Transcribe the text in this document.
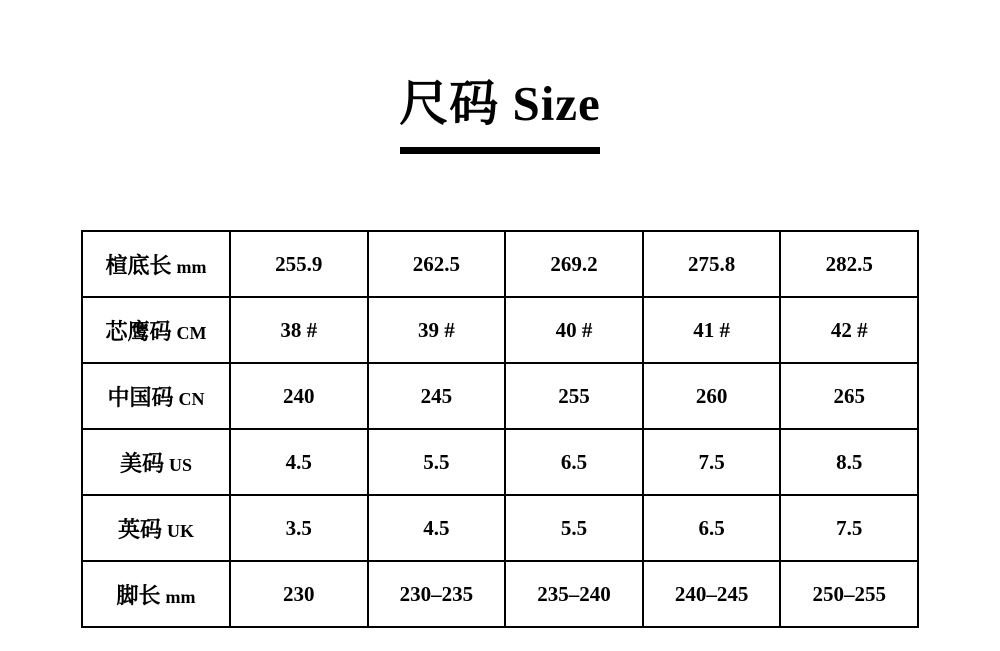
尺码 Size
楦底长 mm	255.9	262.5	269.2	275.8	282.5
芯鹰码 CM	38 #	39 #	40 #	41 #	42 #
中国码 CN	240	245	255	260	265
美码 US	4.5	5.5	6.5	7.5	8.5
英码 UK	3.5	4.5	5.5	6.5	7.5
脚长 mm	230	230–235	235–240	240–245	250–255
